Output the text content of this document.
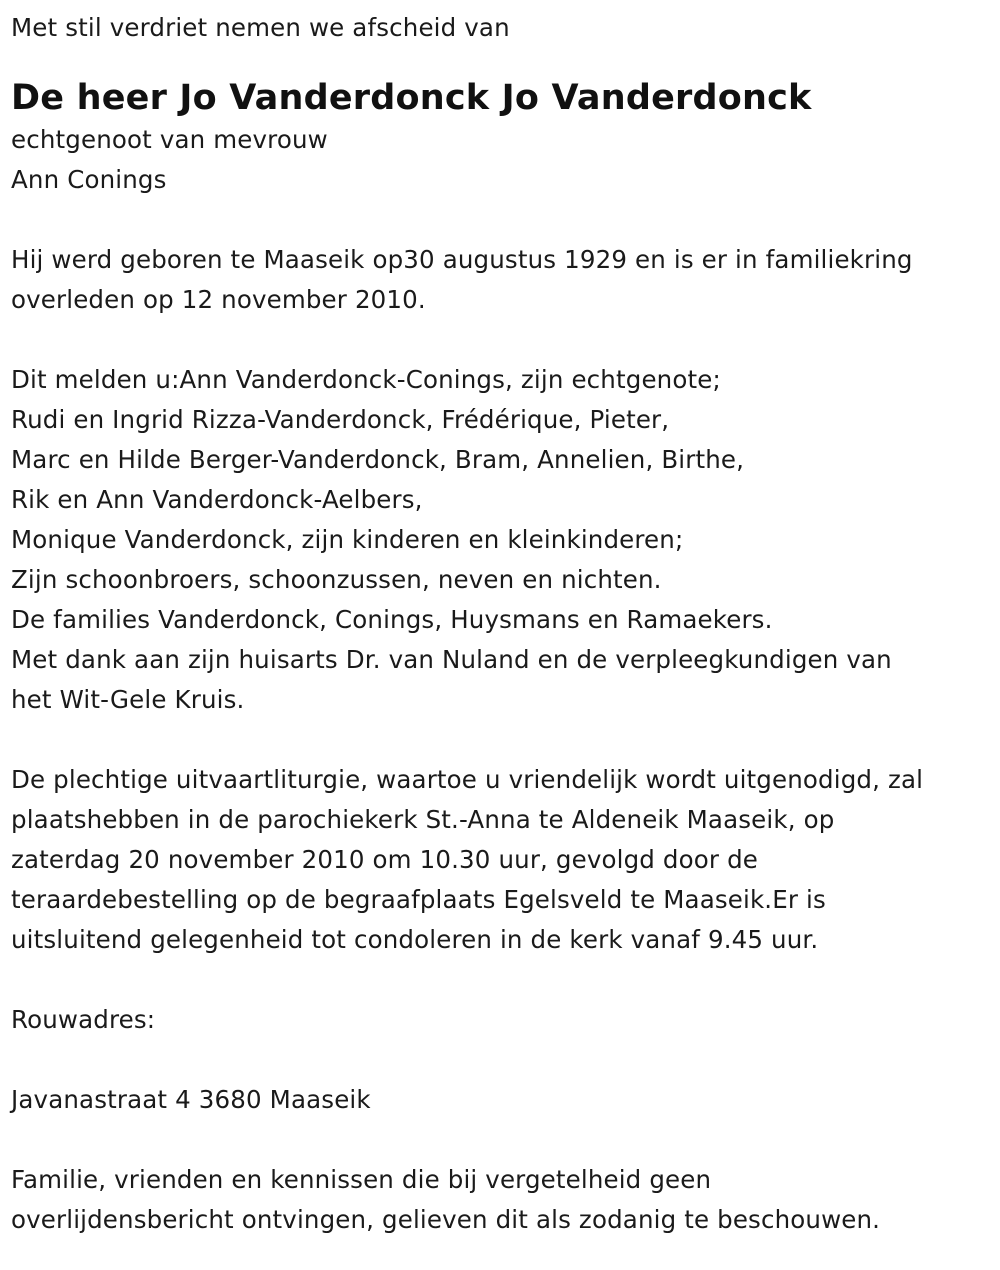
Met stil verdriet nemen we afscheid van
De heer Jo Vanderdonck Jo Vanderdonck
echtgenoot van mevrouw
Ann Conings
Hij werd geboren te Maaseik op30 augustus 1929 en is er in familiekring
overleden op 12 november 2010.
Dit melden u:Ann Vanderdonck-Conings, zijn echtgenote;
Rudi en Ingrid Rizza-Vanderdonck, Frédérique, Pieter,
Marc en Hilde Berger-Vanderdonck, Bram, Annelien, Birthe,
Rik en Ann Vanderdonck-Aelbers,
Monique Vanderdonck, zijn kinderen en kleinkinderen;
Zijn schoonbroers, schoonzussen, neven en nichten.
De families Vanderdonck, Conings, Huysmans en Ramaekers.
Met dank aan zijn huisarts Dr. van Nuland en de verpleegkundigen van
het Wit-Gele Kruis.
De plechtige uitvaartliturgie, waartoe u vriendelijk wordt uitgenodigd, zal
plaatshebben in de parochiekerk St.-Anna te Aldeneik Maaseik, op
zaterdag 20 november 2010 om 10.30 uur, gevolgd door de
teraardebestelling op de begraafplaats Egelsveld te Maaseik.Er is
uitsluitend gelegenheid tot condoleren in de kerk vanaf 9.45 uur.
Rouwadres:
Javanastraat 4 3680 Maaseik
Familie, vrienden en kennissen die bij vergetelheid geen
overlijdensbericht ontvingen, gelieven dit als zodanig te beschouwen.
